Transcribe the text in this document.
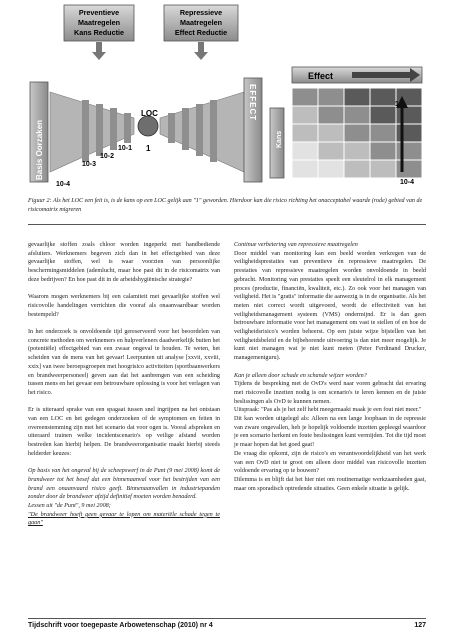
Preventieve
Maatregelen
Kans Reductie
Repressieve
Maatregelen
Effect Reductie
Basis Oorzaken	10-1
10-2
10-3
10-4
LOC
1
EFFECT
Kans
Effect
1
10-4
Figuur 2: Als het LOC een feit is, is de kans op een LOC gelijk aan "1" geworden. Hierdoor kan die risico richting het onacceptabel waarde (rode) gebied van de risicomatrix migreren

gevaarlijke stoffen zoals chloor worden ingeperkt met handbediende afsluiters. Werknemers begeven zich dan in het effectgebied van deze gevaarlijke stoffen, wel is waar voorzien van persoonlijke beschermingsmiddelen (ademlucht, maar hoe past dit in de risicomatrix van deze bedrijven? En hoe past dit in de arbeidshygiënische strategie?

Waarom mogen werknemers bij een calamiteit met gevaarlijke stoffen wel risicovolle handelingen verrichten die vooraf als onaanvaardbaar worden bestempeld?

In het onderzoek is onvoldoende tijd gereserveerd voor het beoordelen van concrete methoden om werknemers en hulpverleners daadwerkelijk buiten het (potentiële) effectgebied van een zwaar ongeval te houden. Te weten, het scheiden van de mens van het gevaar! Leerpunten uit analyse [xxvii, xxviii, xxix] van twee beroepsgroepen met hoogrisico activiteiten (sportbaanwerkers en brandweerpersoneel) geven aan dat het aanbrengen van een scheiding tussen mens en het gevaar een betrouwbare oplossing is voor het verlagen van het risico.

Er is uiteraard sprake van een spagaat tussen snel ingrijpen na het ontstaan van een LOC en het gedegen onderzoeken of de symptomen en feiten in overeenstemming zijn met het scenario dat voor ogen is. Vooral afspreken en uiteraard trainen welke incidentscenario's op veilige afstand worden bestreden kan hierbij helpen. De brandweerorganisatie maakt hierbij steeds helderder keuzes:

Op basis van het ongeval bij de scheepswerf in de Punt (9 mei 2008) komt de brandweer tot het besef dat een binnenaanval voor het bestrijden van een brand een onaanvaard risico geeft. Binnenaanvallen in industriepanden zonder door de brandweer afzijd definitief moeten worden benaderd.
Lessen uit "de Punt", 9 mei 2008;
"De brandweer hoeft geen gevaar te lopen om materiële schade tegen te gaan"

Continue verbetering van repressieve maatregelen

Door middel van monitoring kan een beeld worden verkregen van de veiligheidsprestaties van preventieve én repressieve maatregelen. De prestaties van repressieve maatregelen worden onvoldoende in beeld gebracht. Monitoring van prestaties speelt een sleutelrol in elk management proces (productie, financiën, kwaliteit, etc.). Zo ook voor het managen van veiligheid. Het is "gratis" informatie die aanwezig is in de organisatie. Als het meten niet correct wordt uitgevoerd, wordt de effectiviteit van het veiligheidsmanagement systeem (VMS) ondermijnd. Er is dan geen betrouwbare informatie voor het management om vast te stellen of en hoe de veiligheidsrisico's worden beheerst. Op een juiste wijze bijstellen van het veiligheidsbeleid en de bijbehorende uitvoering is dan niet meer mogelijk. Je kunt niet managen wat je niet kunt meten (Peter Ferdinand Drucker, managementguru).

Kan je alleen door schade en schande wijzer worden?

Tijdens de bespreking met de OvD's werd naar voren gebracht dat ervaring met risicovolle inzetten nodig is om scenario's te leren kennen en de juiste beslissingen als OvD te kunnen nemen.

Uitspraak: "Pas als je het zelf hebt meegemaakt maak je een fout niet meer."

Dit kan worden uitgelegd als: Alleen na een lange loopbaan in de repressie van zware ongevallen, heb je hopelijk voldoende inzetten gepleegd waardoor je een scenario herkent en foute beslissingen kunt vermijden. Tot die tijd moet je maar hopen dat het goed gaat!

De vraag die opkomt, zijn de risico's en verantwoordelijkheid van het werk van een OvD niet te groot om alleen door middel van risicovolle inzetten voldoende ervaring op te bouwen?

Dilemma is en blijft dat het hier niet om routinematige werkzaamheden gaat, maar om sporadisch optredende situaties. Geen enkele situatie is gelijk.

Tijdschrift voor toegepaste Arbowetenschap (2010) nr 4	127
